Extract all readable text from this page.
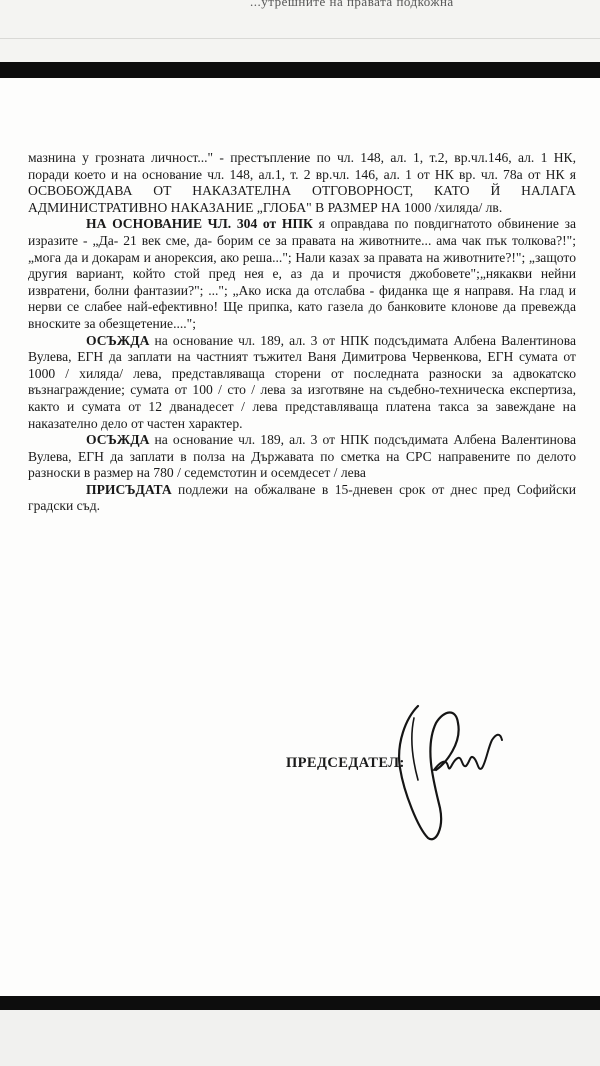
...утрешните на правата подкожна

мазнина у грозната личност..." - престъпление по чл. 148, ал. 1, т.2, вр.чл.146, ал. 1 НК, поради което и на основание чл. 148, ал.1, т. 2 вр.чл. 146, ал. 1 от НК вр. чл. 78а от НК я ОСВОБОЖДАВА ОТ НАКАЗАТЕЛНА ОТГОВОРНОСТ, КАТО Й НАЛАГА АДМИНИСТРАТИВНО НАКАЗАНИЕ „ГЛОБА" В РАЗМЕР НА 1000 /хиляда/ лв.

НА ОСНОВАНИЕ ЧЛ. 304 от НПК я оправдава по повдигнатото обвинение за изразите - „Да- 21 век сме, да- борим се за правата на животните... ама чак пък толкова?!"; „мога да и докарам и анорексия, ако реша..."; Нали казах за правата на животните?!"; „защото другия вариант, който стой пред нея е, аз да и прочистя джобовете";„някакви нейни извратени, болни фантазии?"; ..."; „Ако иска да отслабва - фиданка ще я направя. На глад и нерви се слабее най-ефективно! Ще припка, като газела до банковите клонове да превежда вноските за обезщетение....";

ОСЪЖДА на основание чл. 189, ал. 3 от НПК подсъдимата Албена Валентинова Вулева, ЕГН да заплати на частният тъжител Ваня Димитрова Червенкова, ЕГН сумата от 1000 / хиляда/ лева, представляваща сторени от последната разноски за адвокатско възнаграждение; сумата от 100 / сто / лева за изготвяне на съдебно-техническа експертиза, както и сумата от 12 дванадесет / лева представляваща платена такса за завеждане на наказателно дело от частен характер.

ОСЪЖДА на основание чл. 189, ал. 3 от НПК подсъдимата Албена Валентинова Вулева, ЕГН да заплати в полза на Държавата по сметка на СРС направените по делото разноски в размер на 780 / седемстотин и осемдесет / лева

ПРИСЪДАТА подлежи на обжалване в 15-дневен срок от днес пред Софийски градски съд.

ПРЕДСЕДАТЕЛ:
